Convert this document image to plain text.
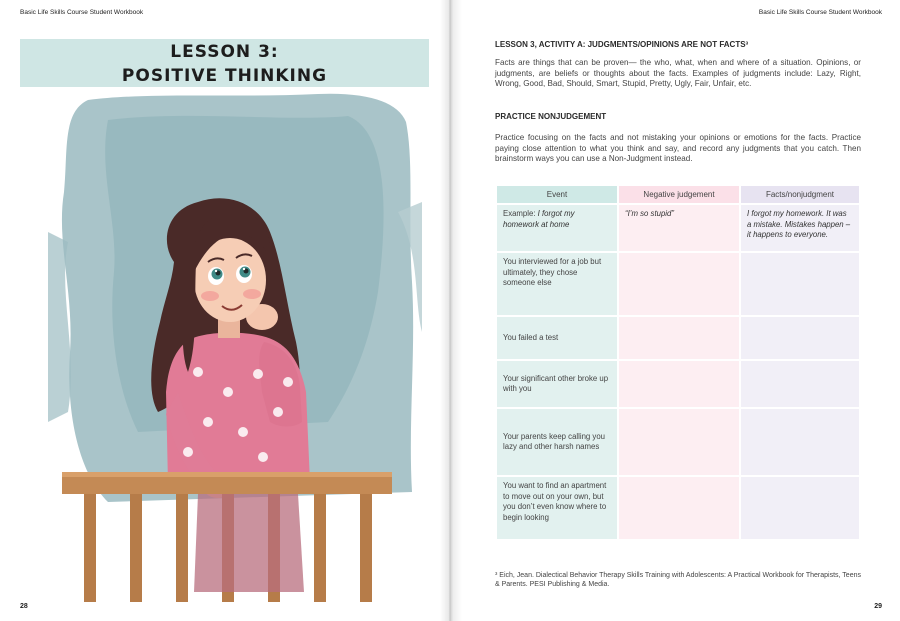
Basic Life Skills Course Student Workbook
LESSON 3:
POSITIVE THINKING
28
Basic Life Skills Course Student Workbook
LESSON 3, ACTIVITY A: JUDGMENTS/OPINIONS ARE NOT FACTS³
Facts are things that can be proven— the who, what, when and where of a situation. Opinions, or judgments, are beliefs or thoughts about the facts. Examples of judgments include: Lazy, Right, Wrong, Good, Bad, Should, Smart, Stupid, Pretty, Ugly, Fair, Unfair, etc.
PRACTICE NONJUDGEMENT
Practice focusing on the facts and not mistaking your opinions or emotions for the facts. Practice paying close attention to what you think and say, and record any judgments that you catch. Then brainstorm ways you can use a Non-Judgment instead.
Event	Negative judgement	Facts/nonjudgment
Example: I forgot my homework at home	“I’m so stupid”	I forgot my homework. It was a mistake. Mistakes happen – it happens to everyone.
You interviewed for a job but ultimately, they chose someone else		
You failed a test		
Your significant other broke up with you		
Your parents keep calling you lazy and other harsh names		
You want to find an apartment to move out on your own, but you don’t even know where to begin looking		
³ Eich, Jean. Dialectical Behavior Therapy Skills Training with Adolescents: A Practical Workbook for Therapists, Teens & Parents. PESI Publishing & Media.
29
